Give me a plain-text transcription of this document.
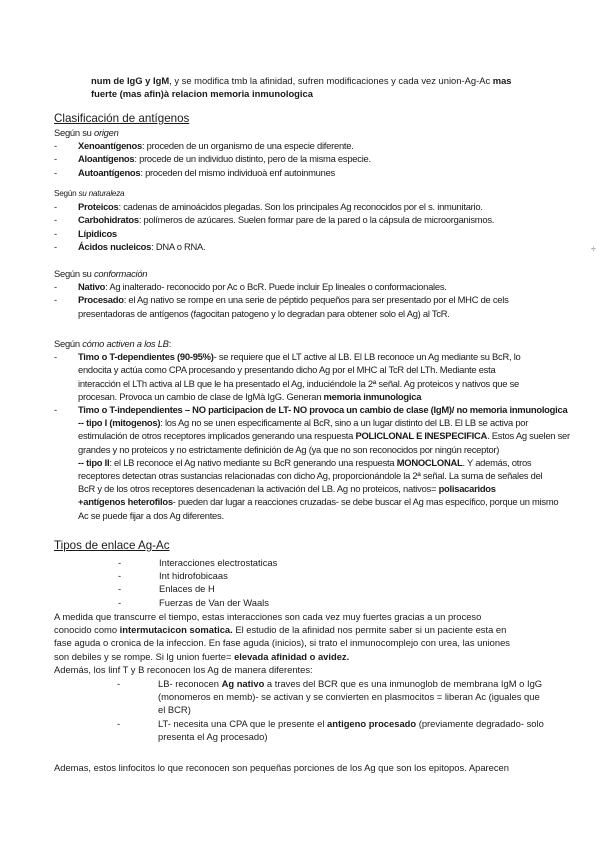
num de IgG y IgM, y se modifica tmb la afinidad, sufren modificaciones y cada vez union-Ag-Ac mas
fuerte (mas afin)à relacion memoria inmunologica
Clasificación de antígenos
Según su origen
- Xenoantígenos: proceden de un organismo de una especie diferente.
- Aloantígenos: procede de un individuo distinto, pero de la misma especie.
- Autoantígenos: proceden del mismo individuoà enf autoinmunes
Según su naturaleza
- Proteicos: cadenas de aminoácidos plegadas. Son los principales Ag reconocidos por el s. inmunitario.
- Carbohidratos: polímeros de azúcares. Suelen formar pare de la pared o la cápsula de microorganismos.
- Lípidicos
- Ácidos nucleicos: DNA o RNA.
Según su conformación
- Nativo: Ag inalterado- reconocido por Ac o BcR. Puede incluir Ep lineales o conformacionales.
- Procesado: el Ag nativo se rompe en una serie de péptido pequeños para ser presentado por el MHC de cels
presentadoras de antígenos (fagocitan patogeno y lo degradan para obtener solo el Ag) al TcR.
Según cómo activen a los LB:
- Timo o T-dependientes (90-95%)- se requiere que el LT active al LB. El LB reconoce un Ag mediante su BcR, lo
endocita y actúa como CPA procesando y presentando dicho Ag por el MHC al TcR del LTh. Mediante esta
interacción el LTh activa al LB que le ha presentado el Ag, induciéndole la 2ª señal. Ag proteicos y nativos que se
procesan. Provoca un cambio de clase de IgMà IgG. Generan memoria inmunologica
- Timo o T-independientes – NO participacion de LT- NO provoca un cambio de clase (IgM)/ no memoria inmunologica
-- tipo I (mitogenos): los Ag no se unen especificamente al BcR, sino a un lugar distinto del LB. El LB se activa por
estimulación de otros receptores implicados generando una respuesta POLICLONAL E INESPECIFICA. Estos Ag suelen ser
grandes y no proteicos y no estrictamente definición de Ag (ya que no son reconocidos por ningún receptor)
-- tipo II: el LB reconoce el Ag nativo mediante su BcR generando una respuesta MONOCLONAL. Y además, otros
receptores detectan otras sustancias relacionadas con dicho Ag, proporcionándole la 2ª señal. La suma de señales del
BcR y de los otros receptores desencadenan la activación del LB. Ag no proteicos, nativos= polisacaridos
+antígenos heterofilos- pueden dar lugar a reacciones cruzadas- se debe buscar el Ag mas específico, porque un mismo
Ac se puede fijar a dos Ag diferentes.
Tipos de enlace Ag-Ac
-	Interacciones electrostaticas
-	Int hidrofobicaas
-	Enlaces de H
-	Fuerzas de Van der Waals
A medida que transcurre el tiempo, estas interacciones son cada vez muy fuertes gracias a un proceso
conocido como intermutacicon somatica. El estudio de la afinidad nos permite saber si un paciente esta en
fase aguda o cronica de la infeccion. En fase aguda (inicios), si trato el inmunocomplejo con urea, las uniones
son debiles y se rompe. Si lg union fuerte= elevada afinidad o avidez.
Además, los linf T y B reconocen los Ag de manera diferentes:
-	LB- reconocen Ag nativo a traves del BCR que es una inmunoglob de membrana IgM o IgG
(monomeros en memb)- se activan y se convierten en plasmocitos = liberan Ac (iguales que
el BCR)
-	LT- necesita una CPA que le presente el antigeno procesado (previamente degradado- solo
presenta el Ag procesado)
Ademas, estos linfocitos lo que reconocen son pequeñas porciones de los Ag que son los epitopos. Aparecen
÷
